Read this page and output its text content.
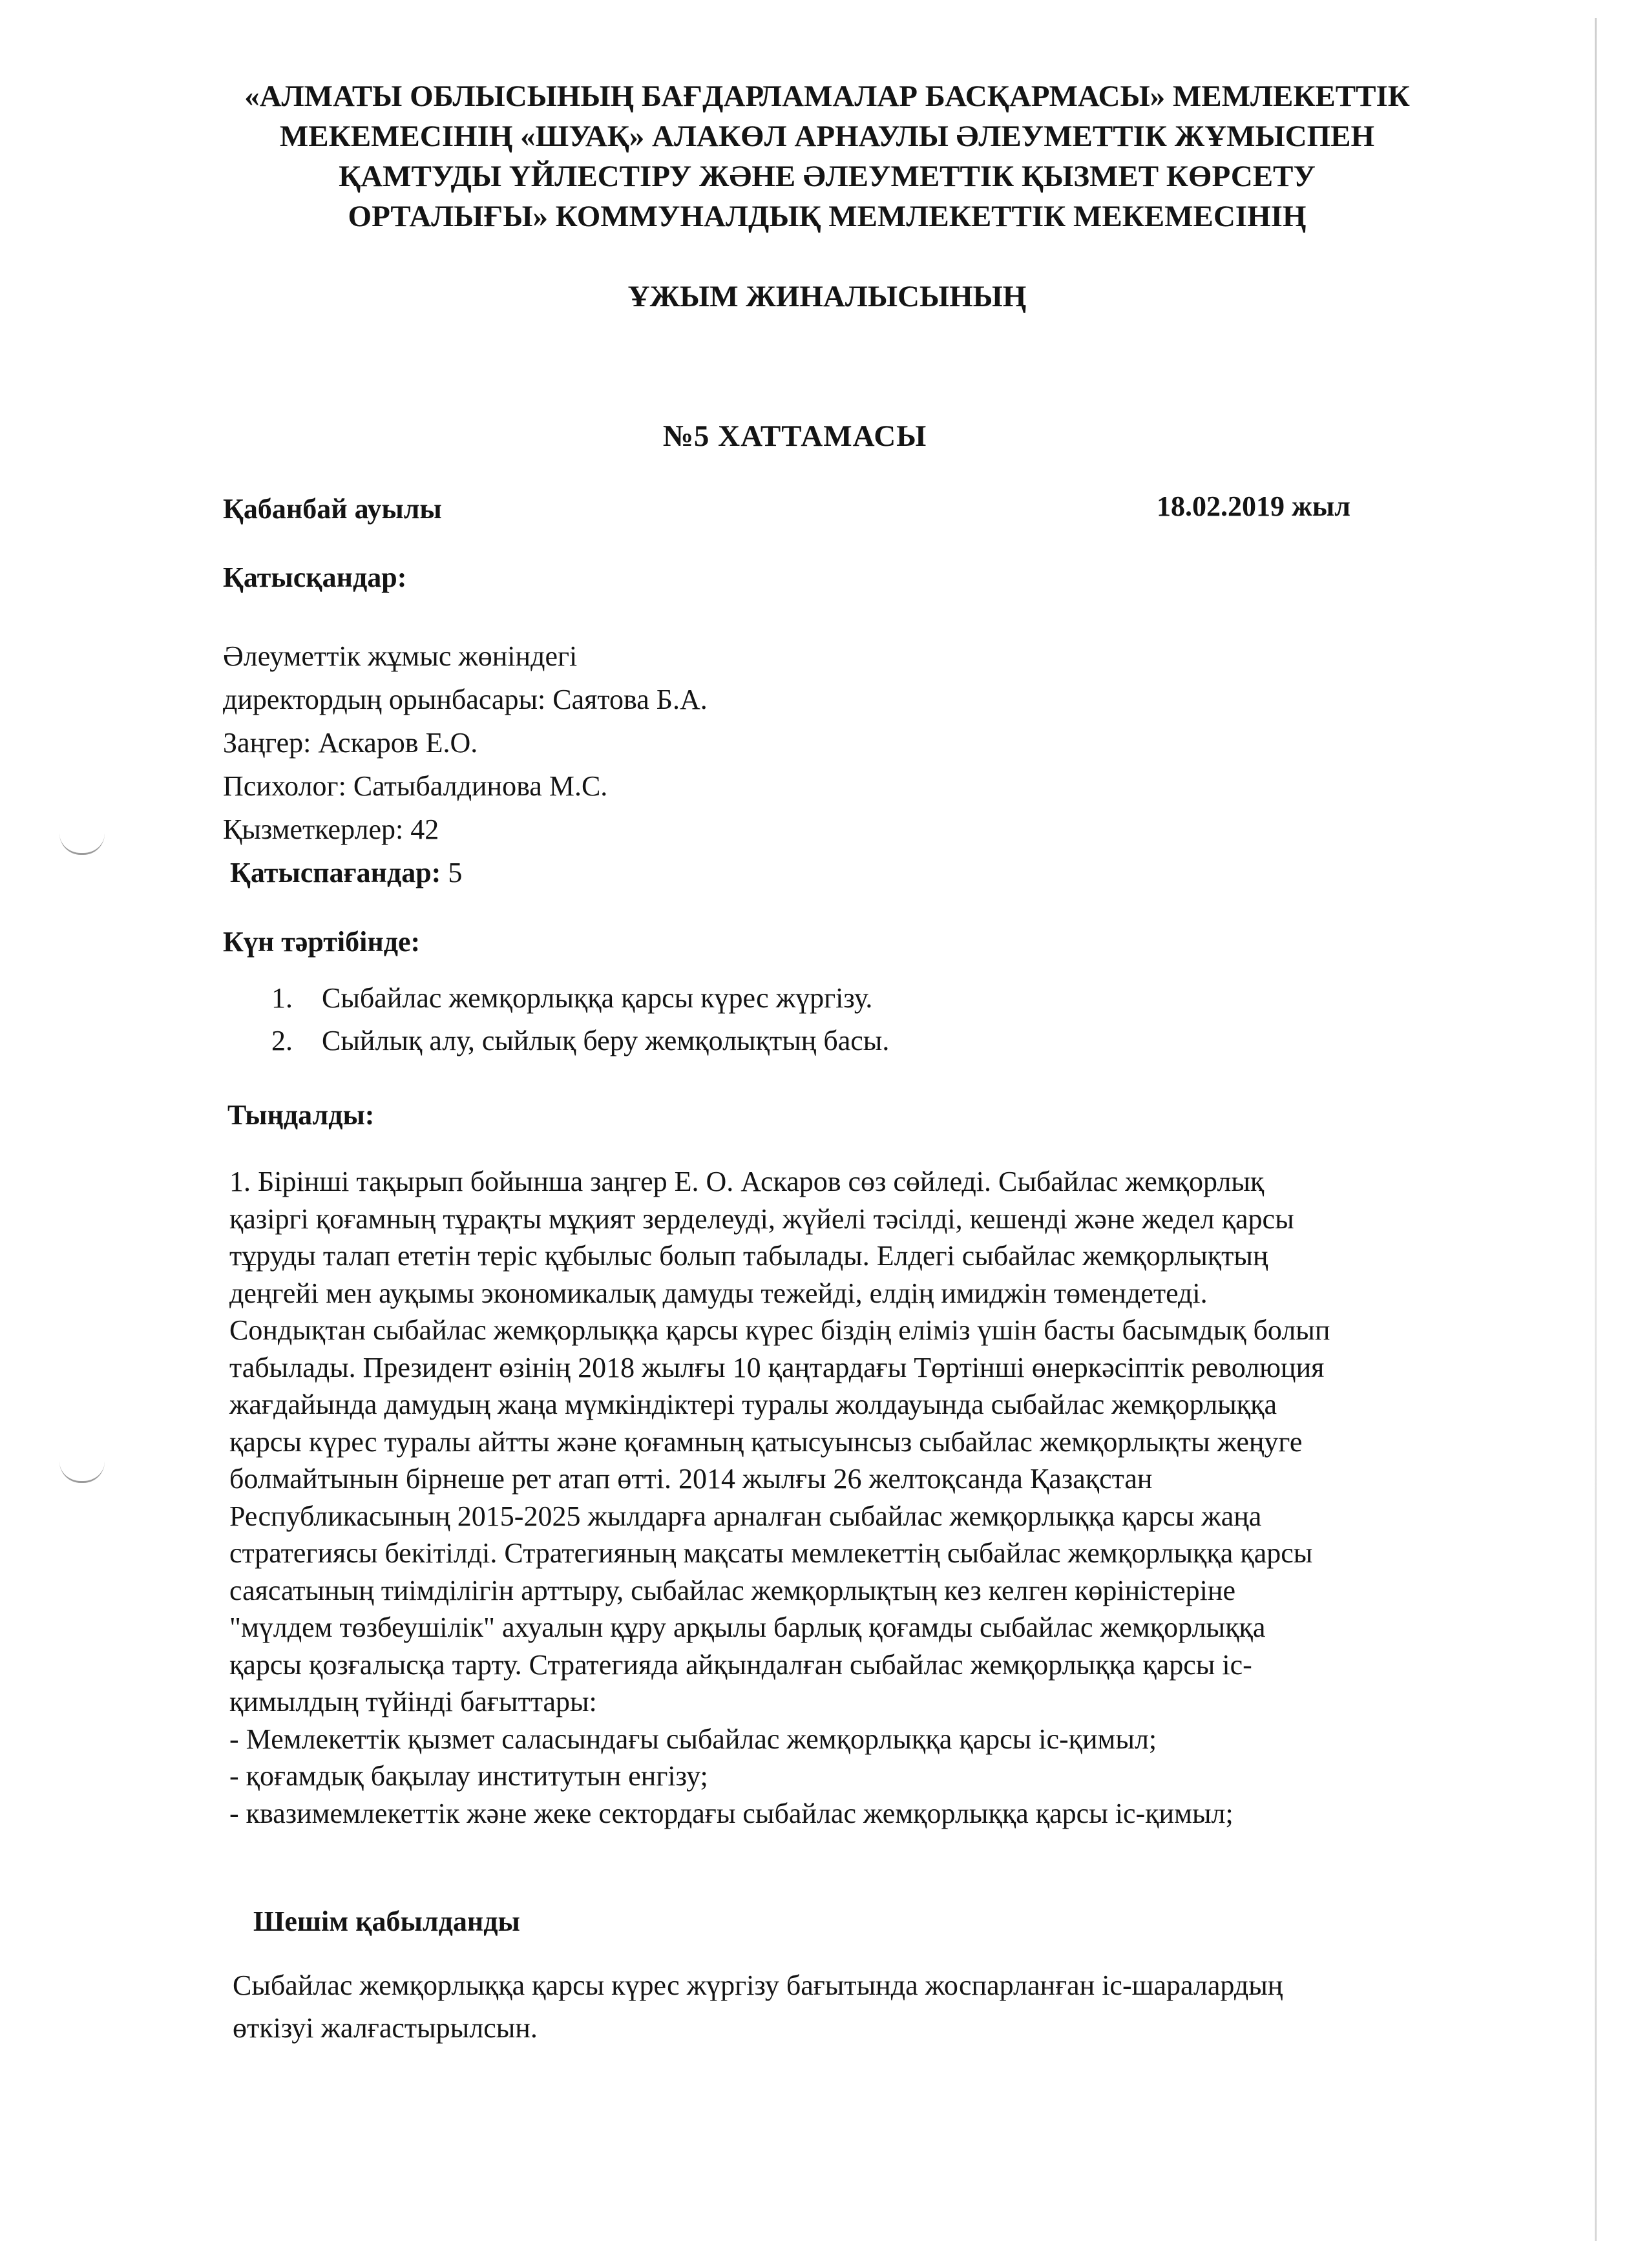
«АЛМАТЫ ОБЛЫСЫНЫҢ БАҒДАРЛАМАЛАР БАСҚАРМАСЫ» МЕМЛЕКЕТТІК
МЕКЕМЕСІНІҢ «ШУАҚ» АЛАКӨЛ АРНАУЛЫ ӘЛЕУМЕТТІК ЖҰМЫСПЕН
ҚАМТУДЫ ҮЙЛЕСТІРУ ЖӘНЕ ӘЛЕУМЕТТІК ҚЫЗМЕТ КӨРСЕТУ
ОРТАЛЫҒЫ» КОММУНАЛДЫҚ МЕМЛЕКЕТТІК МЕКЕМЕСІНІҢ
ҰЖЫМ ЖИНАЛЫСЫНЫҢ
№5 ХАТТАМАСЫ
Қабанбай ауылы	18.02.2019 жыл
Қатысқандар:
Әлеуметтік жұмыс жөніндегі
директордың орынбасары: Саятова Б.А.
Заңгер: Аскаров Е.О.
Психолог: Сатыбалдинова М.С.
Қызметкерлер: 42
Қатыспағандар: 5
Күн тәртібінде:
1. Сыбайлас жемқорлыққа қарсы күрес жүргізу.
2. Сыйлық алу, сыйлық беру жемқолықтың басы.
Тыңдалды:
1. Бірінші тақырып бойынша заңгер Е. О. Аскаров сөз сөйледі. Сыбайлас жемқорлық
қазіргі қоғамның тұрақты мұқият зерделеуді, жүйелі тәсілді, кешенді және жедел қарсы
тұруды талап ететін теріс құбылыс болып табылады. Елдегі сыбайлас жемқорлықтың
деңгейі мен ауқымы экономикалық дамуды тежейді, елдің имиджін төмендетеді.
Сондықтан сыбайлас жемқорлыққа қарсы күрес біздің еліміз үшін басты басымдық болып
табылады. Президент өзінің 2018 жылғы 10 қаңтардағы Төртінші өнеркәсіптік революция
жағдайында дамудың жаңа мүмкіндіктері туралы жолдауында сыбайлас жемқорлыққа
қарсы күрес туралы айтты және қоғамның қатысуынсыз сыбайлас жемқорлықты жеңуге
болмайтынын бірнеше рет атап өтті. 2014 жылғы 26 желтоқсанда Қазақстан
Республикасының 2015-2025 жылдарға арналған сыбайлас жемқорлыққа қарсы жаңа
стратегиясы бекітілді. Стратегияның мақсаты мемлекеттің сыбайлас жемқорлыққа қарсы
саясатының тиімділігін арттыру, сыбайлас жемқорлықтың кез келген көріністеріне
"мүлдем төзбеушілік" ахуалын құру арқылы барлық қоғамды сыбайлас жемқорлыққа
қарсы қозғалысқа тарту. Стратегияда айқындалған сыбайлас жемқорлыққа қарсы іс-
қимылдың түйінді бағыттары:
- Мемлекеттік қызмет саласындағы сыбайлас жемқорлыққа қарсы іс-қимыл;
- қоғамдық бақылау институтын енгізу;
- квазимемлекеттік және жеке сектордағы сыбайлас жемқорлыққа қарсы іс-қимыл;
Шешім қабылданды
Сыбайлас жемқорлыққа қарсы күрес жүргізу бағытында жоспарланған іс-шаралардың
өткізуі жалғастырылсын.
